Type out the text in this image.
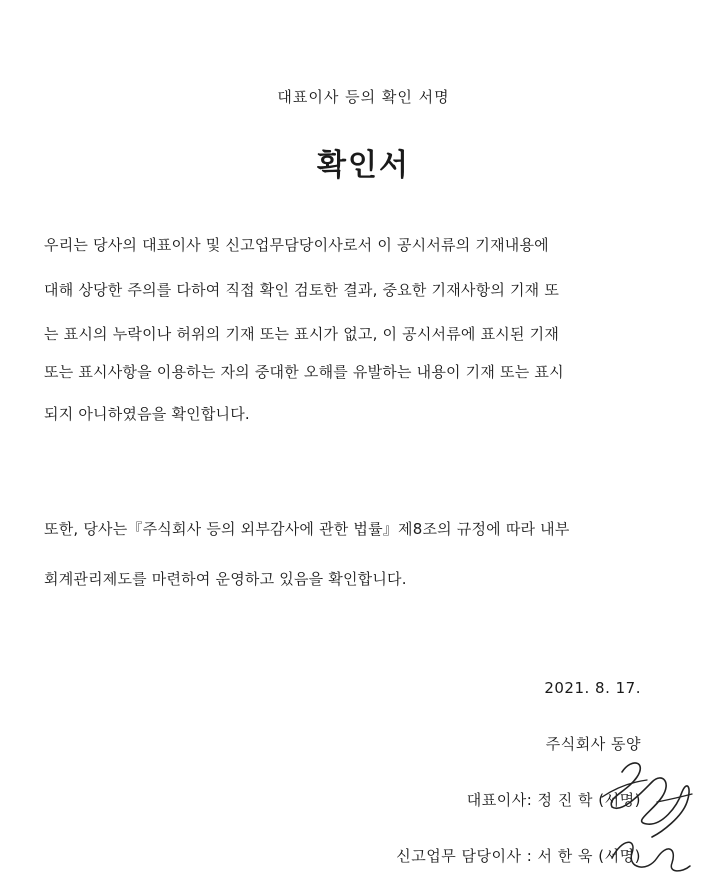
대표이사 등의 확인 서명
확인서
우리는 당사의 대표이사 및 신고업무담당이사로서 이 공시서류의 기재내용에
대해 상당한 주의를 다하여 직접 확인 검토한 결과, 중요한 기재사항의 기재 또
는 표시의 누락이나 허위의 기재 또는 표시가 없고, 이 공시서류에 표시된 기재
또는 표시사항을 이용하는 자의 중대한 오해를 유발하는 내용이 기재 또는 표시
되지 아니하였음을 확인합니다.
또한, 당사는『주식회사 등의 외부감사에 관한 법률』제8조의 규정에 따라 내부
회계관리제도를 마련하여 운영하고 있음을 확인합니다.
2021. 8. 17.
주식회사 동양
대표이사: 정 진 학 (서명)
신고업무 담당이사 : 서 한 욱 (서명)
